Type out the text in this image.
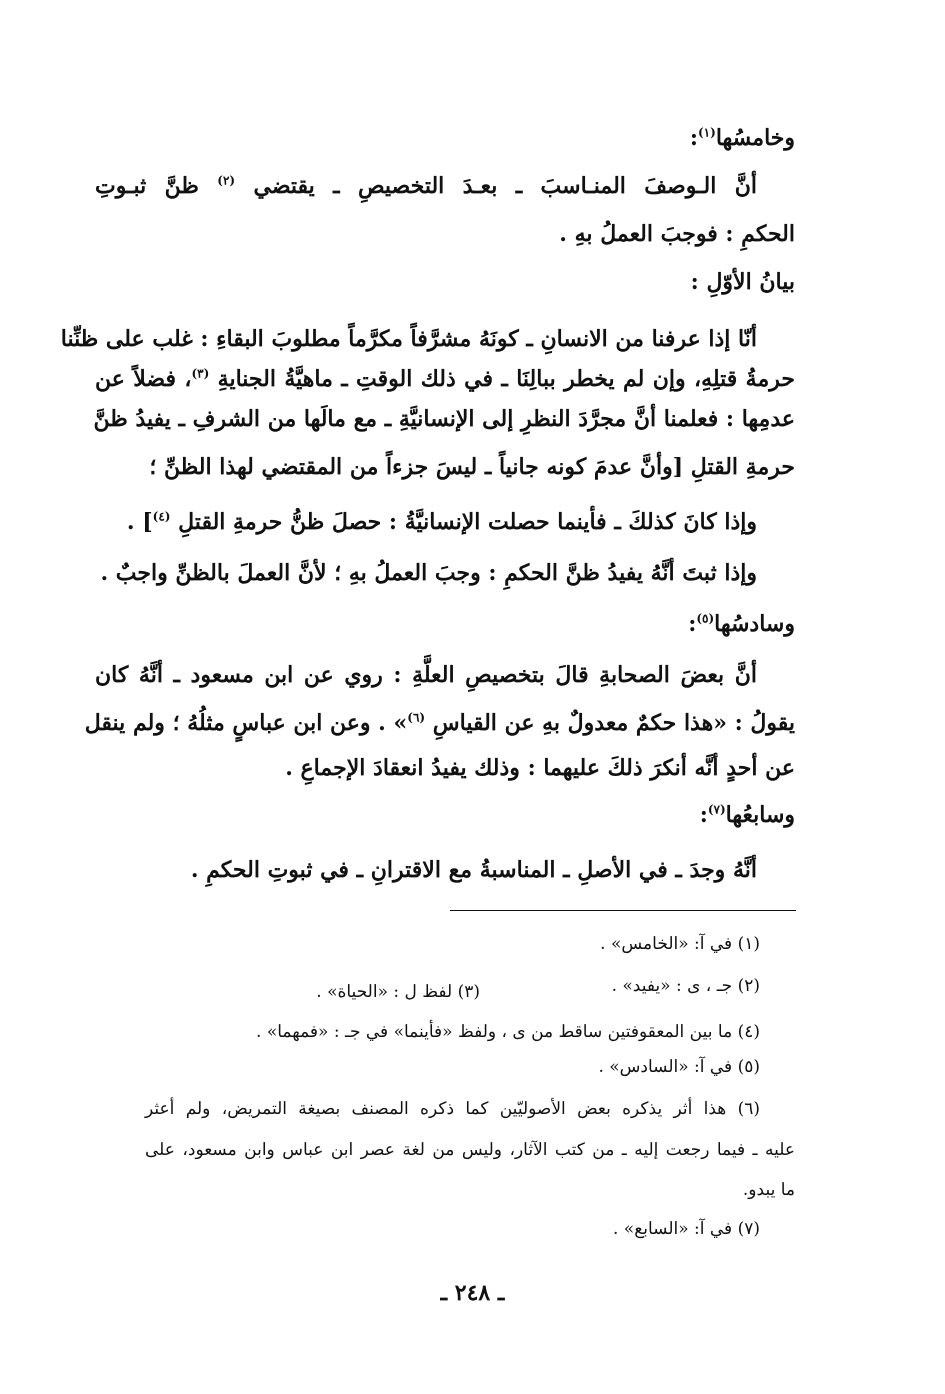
وخامسُها$^{(١)}$:
أنَّ الـوصفَ المنـاسبَ ـ بعـدَ التخصيصِ ـ يقتضي $^{(٢)}$ ظنَّ ثبـوتِ
الحكمِ : فوجبَ العملُ بهِ .
بيانُ الأوّلِ :
أنّا إذا عرفنا من الانسانِ ـ كونَهُ مشرَّفاً مكرَّماً مطلوبَ البقاءِ : غلب على ظنِّنا
حرمةُ قتلِهِ، وإن لم يخطر ببالِنَا ـ في ذلك الوقتِ ـ ماهيَّةُ الجنايةِ $^{(٣)}$، فضلاً عن
عدمِها : فعلمنا أنَّ مجرَّدَ النظرِ إلى الإنسانيَّةِ ـ مع مالَها من الشرفِ ـ يفيدُ ظنَّ
حرمةِ القتلِ [وأنَّ عدمَ كونه جانياً ـ ليسَ جزءاً من المقتضي لهذا الظنِّ ؛
وإذا كانَ كذلكَ ـ فأينما حصلت الإنسانيَّةُ : حصلَ ظنُّ حرمةِ القتلِ $^{(٤)}$] .
وإذا ثبتَ أنَّهُ يفيدُ ظنَّ الحكمِ : وجبَ العملُ بهِ ؛ لأنَّ العملَ بالظنِّ واجبٌ .
وسادسُها$^{(٥)}$:
أنَّ بعضَ الصحابةِ قالَ بتخصيصِ العلَّةِ : روي عن ابن مسعود ـ أنَّهُ كان
يقولُ : «هذا حكمٌ معدولٌ بهِ عن القياسِ $^{(٦)}$» . وعن ابن عباسٍ مثلُهُ ؛ ولم ينقل
عن أحدٍ أنَّه أنكرَ ذلكَ عليهما : وذلك يفيدُ انعقادَ الإجماعِ .
وسابعُها$^{(٧)}$:
أنَّهُ وجدَ ـ في الأصلِ ـ المناسبةُ مع الاقترانِ ـ في ثبوتِ الحكمِ .
(١) في آ: «الخامس» .
(٢) جـ ، ى : «يفيد» .
(٣) لفظ ل : «الحياة» .
(٤) ما بين المعقوفتين ساقط من ى ، ولفظ «فأينما» في جـ : «فمهما» .
(٥) في آ: «السادس» .
(٦) هذا أثر يذكره بعض الأصوليّين كما ذكره المصنف بصيغة التمريض، ولم أعثر
عليه ـ فيما رجعت إليه ـ من كتب الآثار، وليس من لغة عصر ابن عباس وابن مسعود، على
ما يبدو.
(٧) في آ: «السابع» .
ـ ٢٤٨ ـ
